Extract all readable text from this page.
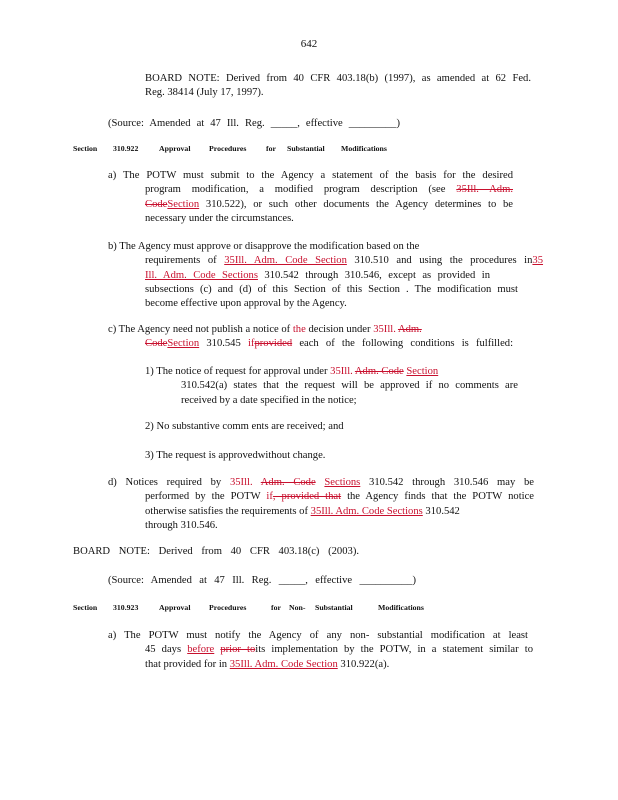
642
BOARD NOTE: Derived from 40 CFR 403.18(b) (1997), as amended at 62 Fed.
Reg. 38414 (July 17, 1997).
(Source: Amended at 47 Ill. Reg. _____, effective _________)
Section 310.922	Approval Procedures	for Substantial Modifications
a) The POTW must submit to the Agency a statement of the basis for the desired
program modification, a modified program description (see 35Ill. Adm.
CodeSection 310.522), or such other documents the Agency determines to be
necessary under the circumstances.
b) The Agency must approve or disapprove the modification based on the
requirements of 35Ill. Adm. Code Section 310.510 and using the procedures in35
Ill. Adm. Code Sections 310.542 through 310.546, except as provided in
subsections (c) and (d) of this Section of this Section . The modification must
become effective upon approval by the Agency.
c) The Agency need not publish a notice of the decision under 35Ill. Adm.
CodeSection 310.545 ifprovided each of the following conditions is fulfilled:
1) The notice of request for approval under 35Ill. Adm. Code Section
310.542(a) states that the request will be approved if no comments are
received by a date specified in the notice;
2) No substantive comm ents are received; and
3) The request is approvedwithout change.
d) Notices required by 35Ill. Adm. Code Sections 310.542 through 310.546 may be
performed by the POTW if, provided that the Agency finds that the POTW notice
otherwise satisfies the requirements of 35Ill. Adm. Code Sections 310.542
through 310.546.
BOARD NOTE: Derived from 40 CFR 403.18(c) (2003).
(Source: Amended at 47 Ill. Reg. _____, effective __________)
Section 310.923	Approval Procedures	for Non- Substantial	Modifications
a) The POTW must notify the Agency of any non- substantial modification at least
45 days before prior toits implementation by the POTW, in a statement similar to
that provided for in 35Ill. Adm. Code Section 310.922(a).
